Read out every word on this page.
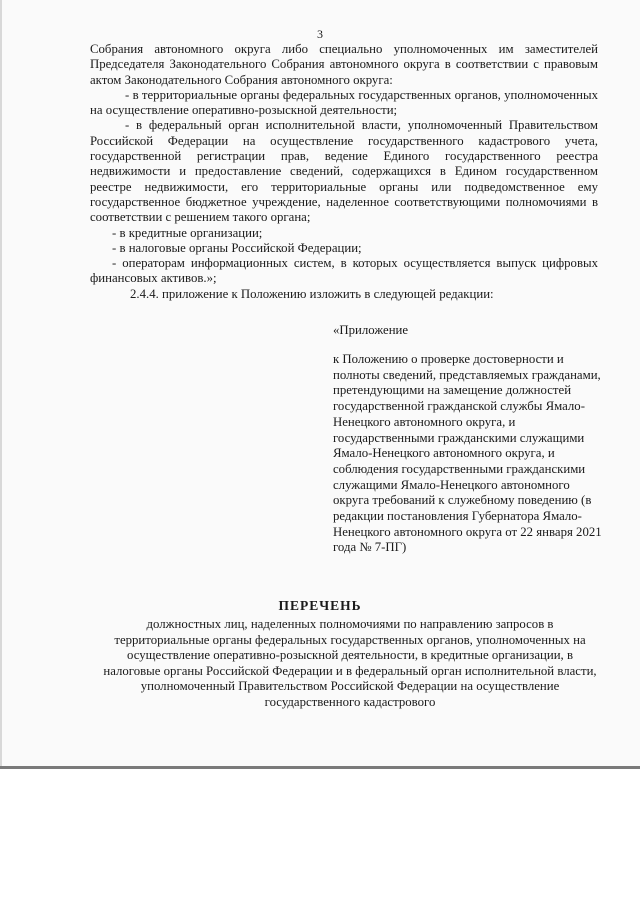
3

Собрания автономного округа либо специально уполномоченных им заместителей Председателя Законодательного Собрания автономного округа в соответствии с правовым актом Законодательного Собрания автономного округа:

- в территориальные органы федеральных государственных органов, уполномоченных на осуществление оперативно-розыскной деятельности;

- в федеральный орган исполнительной власти, уполномоченный Правительством Российской Федерации на осуществление государственного кадастрового учета, государственной регистрации прав, ведение Единого государственного реестра недвижимости и предоставление сведений, содержащихся в Едином государственном реестре недвижимости, его территориальные органы или подведомственное ему государственное бюджетное учреждение, наделенное соответствующими полномочиями в соответствии с решением такого органа;

- в кредитные организации;

- в налоговые органы Российской Федерации;

- операторам информационных систем, в которых осуществляется выпуск цифровых финансовых активов.»;

2.4.4. приложение к Положению изложить в следующей редакции:

«Приложение
к Положению о проверке достоверности и полноты сведений, представляемых гражданами, претендующими на замещение должностей государственной гражданской службы Ямало-Ненецкого автономного округа, и государственными гражданскими служащими Ямало-Ненецкого автономного округа, и соблюдения государственными гражданскими служащими Ямало-Ненецкого автономного округа требований к служебному поведению (в редакции постановления Губернатора Ямало-Ненецкого автономного округа от 22 января 2021 года № 7-ПГ)
ПЕРЕЧЕНЬ
должностных лиц, наделенных полномочиями по направлению запросов в территориальные органы федеральных государственных органов, уполномоченных на осуществление оперативно-розыскной деятельности, в кредитные организации, в налоговые органы Российской Федерации и в федеральный орган исполнительной власти, уполномоченный Правительством Российской Федерации на осуществление государственного кадастрового
